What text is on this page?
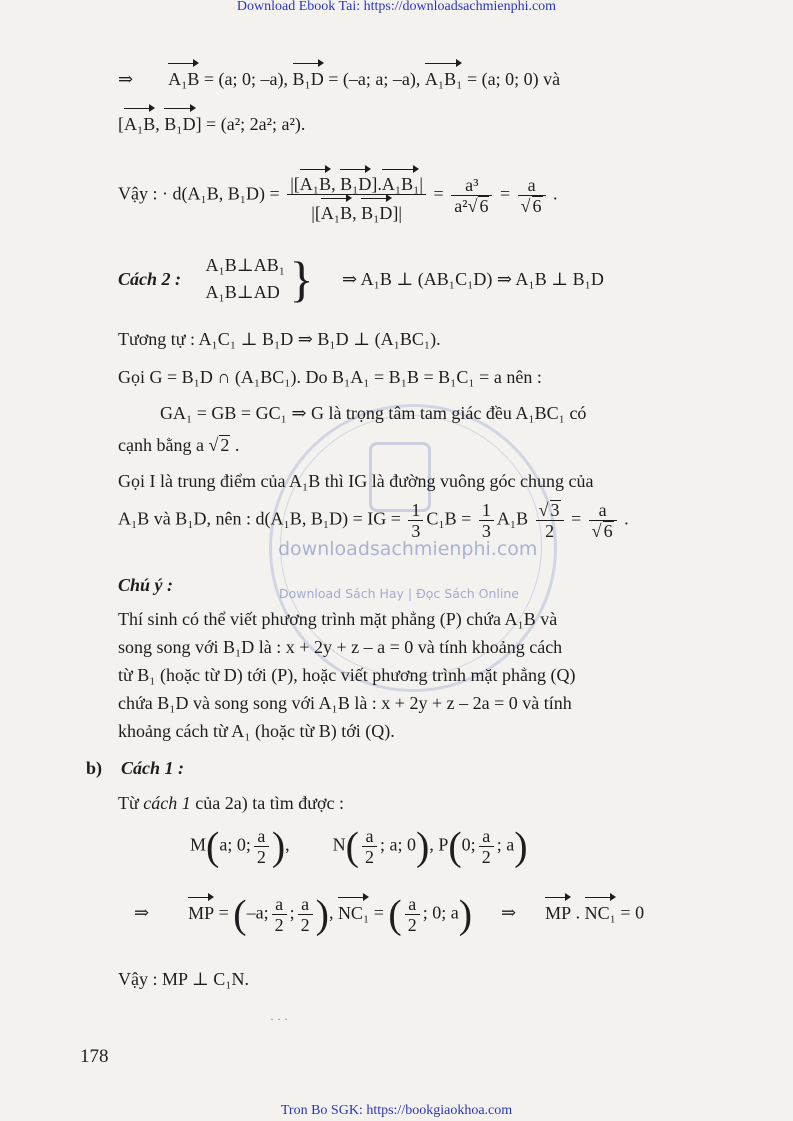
Download Ebook Tai: https://downloadsachmienphi.com
downloadsachmienphi.com
Download Sách Hay | Đọc Sách Online
⇒ A₁B = (a; 0; –a), B₁D = (–a; a; –a), A₁B₁ = (a; 0; 0) và
[A₁B, B₁D] = (a²; 2a²; a²).
Vậy : · d(A₁B, $B_1D) = \frac{\text{|[A₁B, B₁D].A₁B₁|}}{\text{|[A₁B, B₁D]|}} = \frac{\text{a³}}{\text{a²√ 6}} = \frac{a}{√ 6}$ .
Cách 2 :
A₁B⊥AB₁
A₁B⊥AD } ⇒ A₁B ⊥ (AB₁C₁D) ⇒ A₁B ⊥ B₁D
Tương tự : A₁C₁ ⊥ B₁D ⇒ B₁D ⊥ (A₁BC₁).
Gọi G = B₁D ∩ (A₁BC₁). Do B₁A₁ = B₁B = B₁C₁ = a nên :
GA₁ = GB = GC₁ ⇒ G là trọng tâm tam giác đều A₁BC₁ có
cạnh bằng a √ 2 .
Gọi I là trung điểm của A₁B thì IG là đường vuông góc chung của
A₁B và B₁D, nên : d(A₁B, B₁D) = IG = $\frac{1}{3} C_1B = \frac{1}{3} A_1B \frac{√ 3}{2} = \frac{a}{√ 6}$ .
Chú ý :
Thí sinh có thể viết phương trình mặt phẳng (P) chứa A₁B và
song song với B₁D là : x + 2y + z – a = 0 và tính khoảng cách
từ B₁ (hoặc từ D) tới (P), hoặc viết phương trình mặt phẳng (Q)
chứa B₁D và song song với A₁B là : x + 2y + z – 2a = 0 và tính
khoảng cách từ A₁ (hoặc từ B) tới (Q).
b) Cách 1 :
Từ cách 1 của 2a) ta tìm được :
M(a; 0; $\frac{a}{2}$ ), $N( \frac{a}{2}$ ; a; 0), P(0; $\frac{a}{2}$ ; a)
⇒ MP = (–a; $\frac{a}{2}$ ; $\frac{a}{2}$ ), NC₁ = ( $\frac{a}{2}$ ; 0; a) ⇒ MP . NC₁ = 0
Vậy : MP ⊥ C₁N.
· · ·
178
Tron Bo SGK: https://bookgiaokhoa.com
